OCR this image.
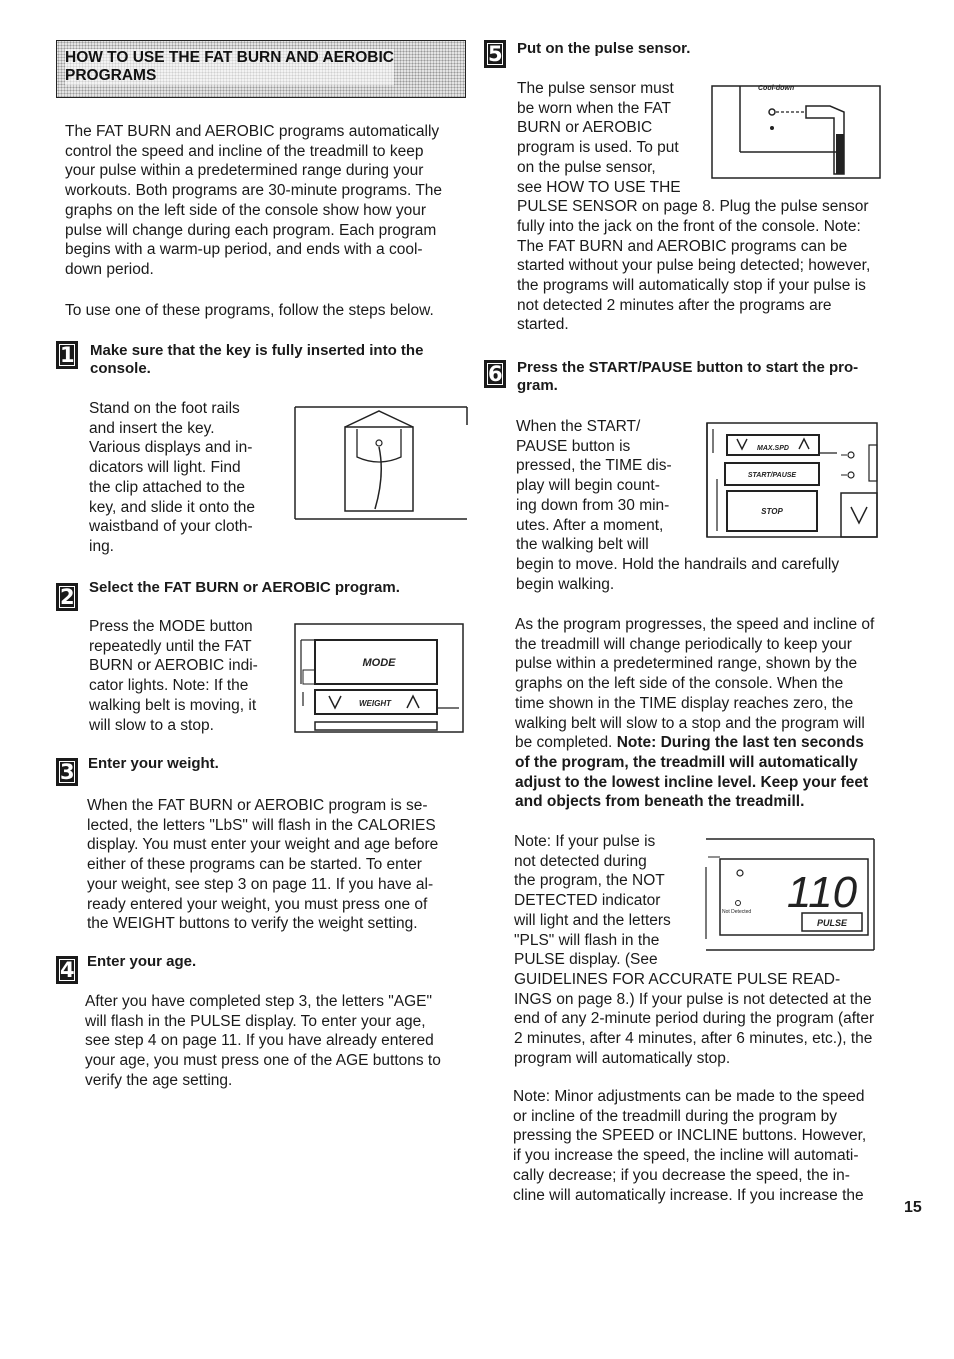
HOW TO USE THE FAT BURN AND AEROBIC
PROGRAMS
The FAT BURN and AEROBIC programs automatically
control the speed and incline of the treadmill to keep
your pulse within a predetermined range during your
workouts. Both programs are 30-minute programs. The
graphs on the left side of the console show how your
pulse will change during each program. Each program
begins with a warm-up period, and ends with a cool-
down period.
To use one of these programs, follow the steps below.
1 Make sure that the key is fully inserted into the
console.
Stand on the foot rails
and insert the key.
Various displays and in-
dicators will light. Find
the clip attached to the
key, and slide it onto the
waistband of your cloth-
ing.
2 Select the FAT BURN or AEROBIC program.
Press the MODE button
repeatedly until the FAT
BURN or AEROBIC indi-
cator lights. Note: If the
walking belt is moving, it
will slow to a stop.
MODE
WEIGHT
3 Enter your weight.
When the FAT BURN or AEROBIC program is se-
lected, the letters "LbS" will flash in the CALORIES
display. You must enter your weight and age before
either of these programs can be started. To enter
your weight, see step 3 on page 11. If you have al-
ready entered your weight, you must press one of
the WEIGHT buttons to verify the weight setting.
4 Enter your age.
After you have completed step 3, the letters "AGE"
will flash in the PULSE display. To enter your age,
see step 4 on page 11. If you have already entered
your age, you must press one of the AGE buttons to
verify the age setting.
5 Put on the pulse sensor.
The pulse sensor must
be worn when the FAT
BURN or AEROBIC
program is used. To put
on the pulse sensor,
see HOW TO USE THE
PULSE SENSOR on page 8. Plug the pulse sensor
fully into the jack on the front of the console. Note:
The FAT BURN and AEROBIC programs can be
started without your pulse being detected; however,
the programs will automatically stop if your pulse is
not detected 2 minutes after the programs are
started.
Cool-down
6 Press the START/PAUSE button to start the pro-
gram.
When the START/
PAUSE button is
pressed, the TIME dis-
play will begin count-
ing down from 30 min-
utes. After a moment,
the walking belt will
begin to move. Hold the handrails and carefully
begin walking.
MAX.SPD
START/PAUSE
STOP
As the program progresses, the speed and incline of
the treadmill will change periodically to keep your
pulse within a predetermined range, shown by the
graphs on the left side of the console. When the
time shown in the TIME display reaches zero, the
walking belt will slow to a stop and the program will
be completed. Note: During the last ten seconds
of the program, the treadmill will automatically
adjust to the lowest incline level. Keep your feet
and objects from beneath the treadmill.
Note: If your pulse is
not detected during
the program, the NOT
DETECTED indicator
will light and the letters
"PLS" will flash in the
PULSE display. (See
GUIDELINES FOR ACCURATE PULSE READ-
INGS on page 8.) If your pulse is not detected at the
end of any 2-minute period during the program (after
2 minutes, after 4 minutes, after 6 minutes, etc.), the
program will automatically stop.
110
Not Detected
PULSE
Note: Minor adjustments can be made to the speed
or incline of the treadmill during the program by
pressing the SPEED or INCLINE buttons. However,
if you increase the speed, the incline will automati-
cally decrease; if you decrease the speed, the in-
cline will automatically increase. If you increase the
15
